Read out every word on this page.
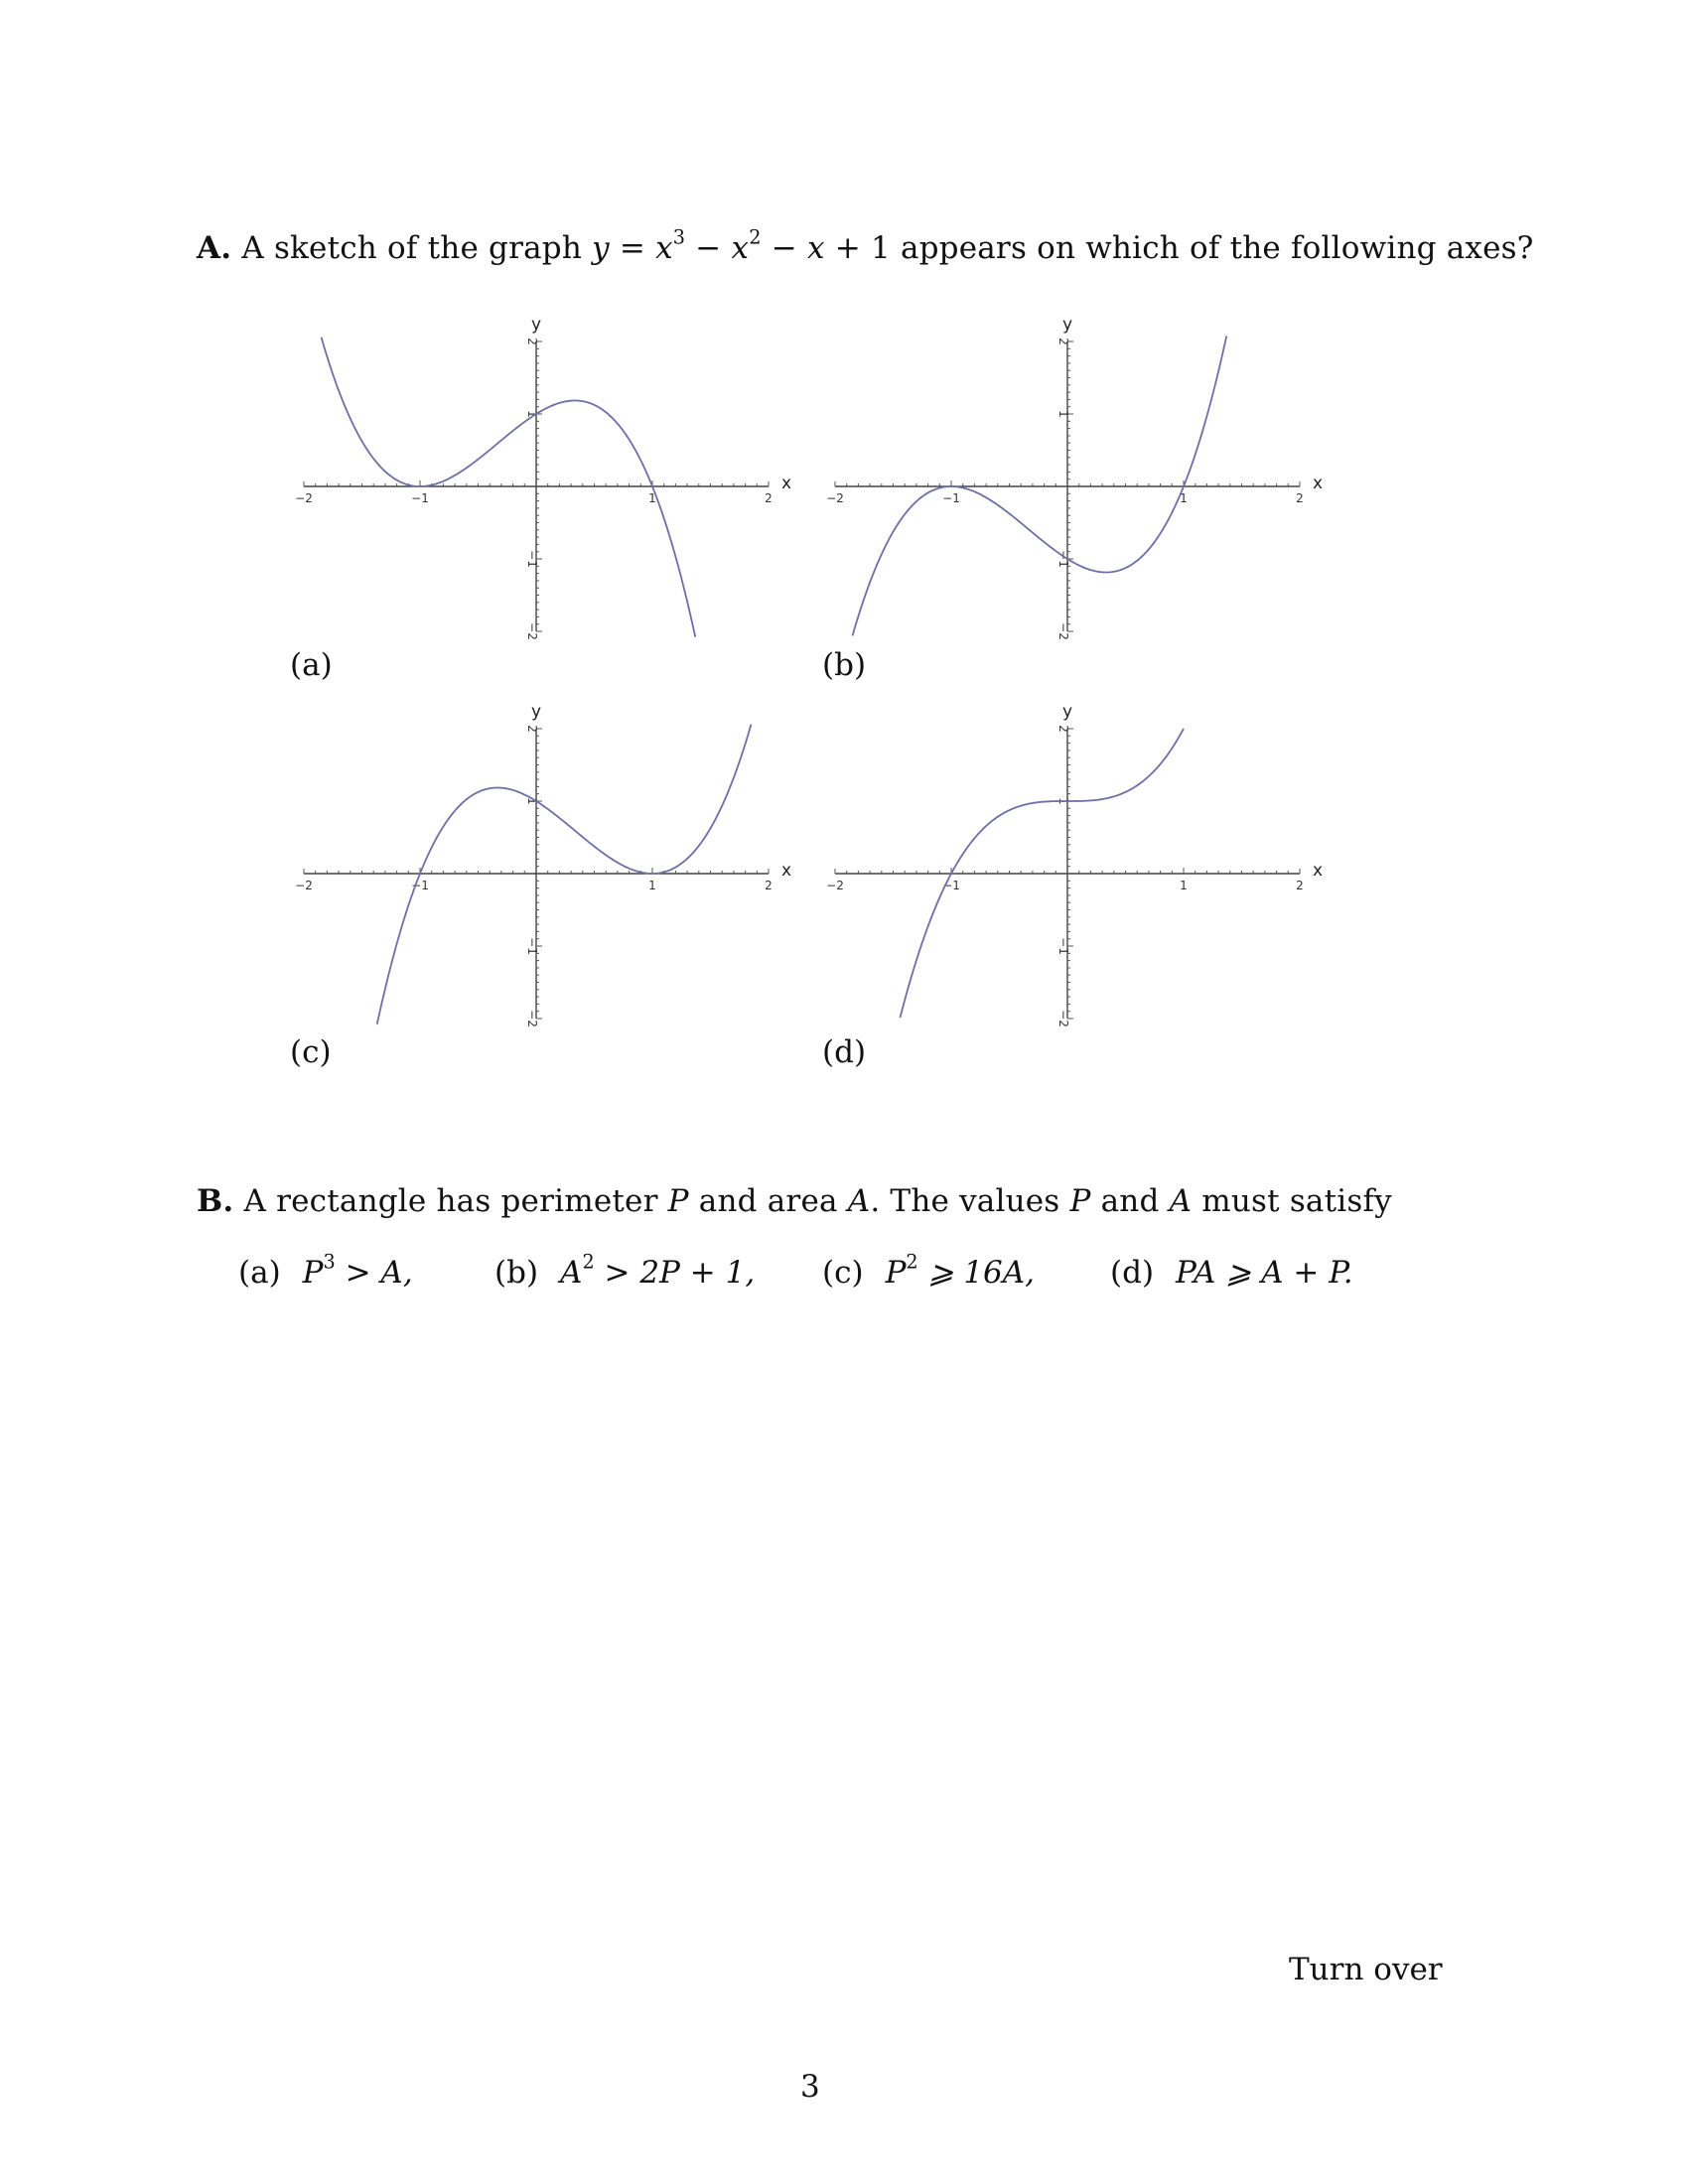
A. A sketch of the graph $y = x^3 - x^2 - x + 1$ appears on which of the following axes?
−2	−1	1	2
2
1
−1
−2
x
y
−2	−1	1	2
2
1
−1
−2
x
y
−2	−1	1	2
2
1
−1
−2
x
y
−2	−1	1	2
2
1
−1
−2
x
y
(a)	(b)
(c)	(d)
B. A rectangle has perimeter P and area A. The values P and A must satisfy
(a) $P^3 > A$,	(b) $A^2 > 2P + 1$, (c) $P^2$ ⩾ 16A, (d) PA ⩾ A + P.
Turn over
3
